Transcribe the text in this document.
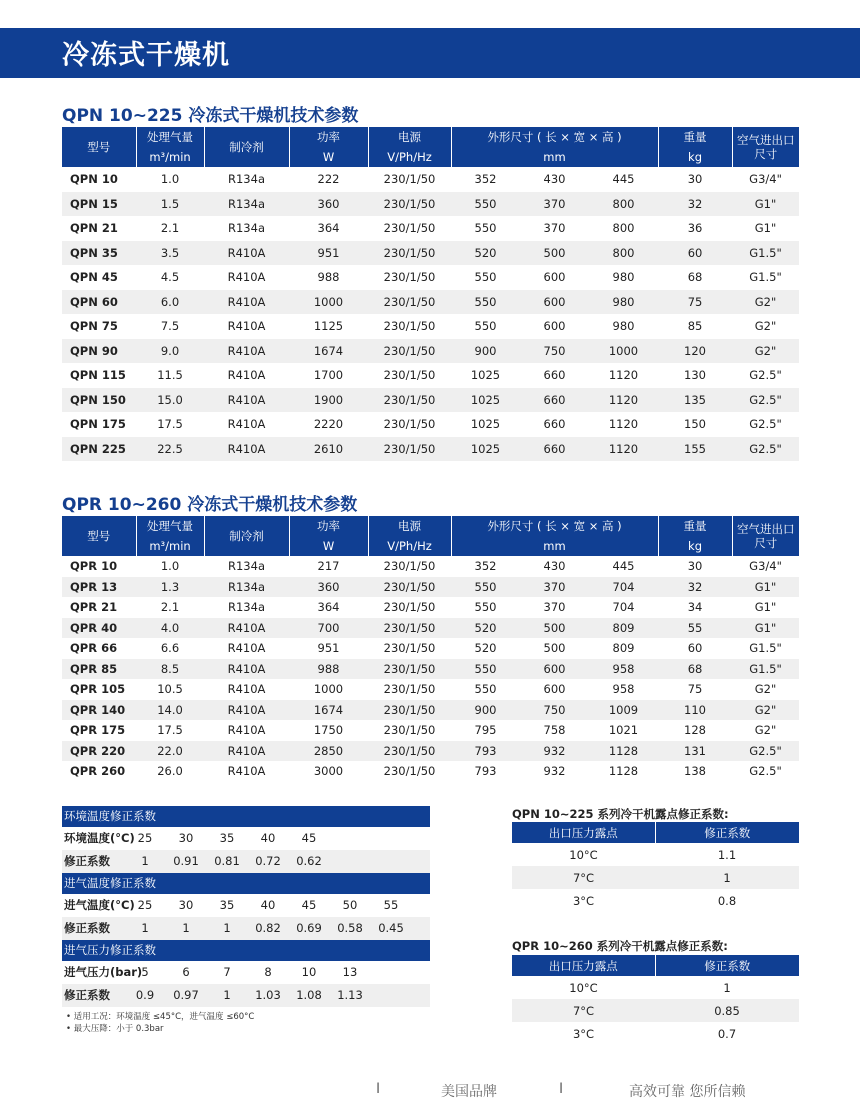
冷冻式干燥机
QPN 10~225 冷冻式干燥机技术参数
型号	处理气量	制冷剂	功率	电源	外形尺寸 ( 长 × 宽 × 高 )			重量	空气进出口尺寸
	m³/min		W	V/Ph/Hz	mm			kg	
QPN 10	1.0	R134a	222	230/1/50	352	430	445	30	G3/4"
QPN 15	1.5	R134a	360	230/1/50	550	370	800	32	G1"
QPN 21	2.1	R134a	364	230/1/50	550	370	800	36	G1"
QPN 35	3.5	R410A	951	230/1/50	520	500	800	60	G1.5"
QPN 45	4.5	R410A	988	230/1/50	550	600	980	68	G1.5"
QPN 60	6.0	R410A	1000	230/1/50	550	600	980	75	G2"
QPN 75	7.5	R410A	1125	230/1/50	550	600	980	85	G2"
QPN 90	9.0	R410A	1674	230/1/50	900	750	1000	120	G2"
QPN 115	11.5	R410A	1700	230/1/50	1025	660	1120	130	G2.5"
QPN 150	15.0	R410A	1900	230/1/50	1025	660	1120	135	G2.5"
QPN 175	17.5	R410A	2220	230/1/50	1025	660	1120	150	G2.5"
QPN 225	22.5	R410A	2610	230/1/50	1025	660	1120	155	G2.5"
QPR 10~260 冷冻式干燥机技术参数
型号	处理气量	制冷剂	功率	电源	外形尺寸 ( 长 × 宽 × 高 )			重量	空气进出口尺寸
	m³/min		W	V/Ph/Hz	mm			kg	
QPR 10	1.0	R134a	217	230/1/50	352	430	445	30	G3/4"
QPR 13	1.3	R134a	360	230/1/50	550	370	704	32	G1"
QPR 21	2.1	R134a	364	230/1/50	550	370	704	34	G1"
QPR 40	4.0	R410A	700	230/1/50	520	500	809	55	G1"
QPR 66	6.6	R410A	951	230/1/50	520	500	809	60	G1.5"
QPR 85	8.5	R410A	988	230/1/50	550	600	958	68	G1.5"
QPR 105	10.5	R410A	1000	230/1/50	550	600	958	75	G2"
QPR 140	14.0	R410A	1674	230/1/50	900	750	1009	110	G2"
QPR 175	17.5	R410A	1750	230/1/50	795	758	1021	128	G2"
QPR 220	22.0	R410A	2850	230/1/50	793	932	1128	131	G2.5"
QPR 260	26.0	R410A	3000	230/1/50	793	932	1128	138	G2.5"
环境温度修正系数
环境温度(°C) 25	30	35	40	45
修正系数	1	0.91	0.81	0.72	0.62
进气温度修正系数
进气温度(°C) 25	30	35	40	45	50	55
修正系数	1	1	1	0.82	0.69	0.58	0.45
进气压力修正系数
进气压力(bar) 5	6	7	8	10	13
修正系数	0.9	0.97	1	1.03	1.08	1.13
• 适用工况：环境温度 ≤45°C，进气温度 ≤60°C
• 最大压降：小于 0.3bar
QPN 10~225 系列冷干机露点修正系数:
出口压力露点	修正系数
10°C	1.1
7°C	1
3°C	0.8
QPR 10~260 系列冷干机露点修正系数:
出口压力露点	修正系数
10°C	1
7°C	0.85
3°C	0.7
I	美国品牌	I	高效可靠 您所信赖
